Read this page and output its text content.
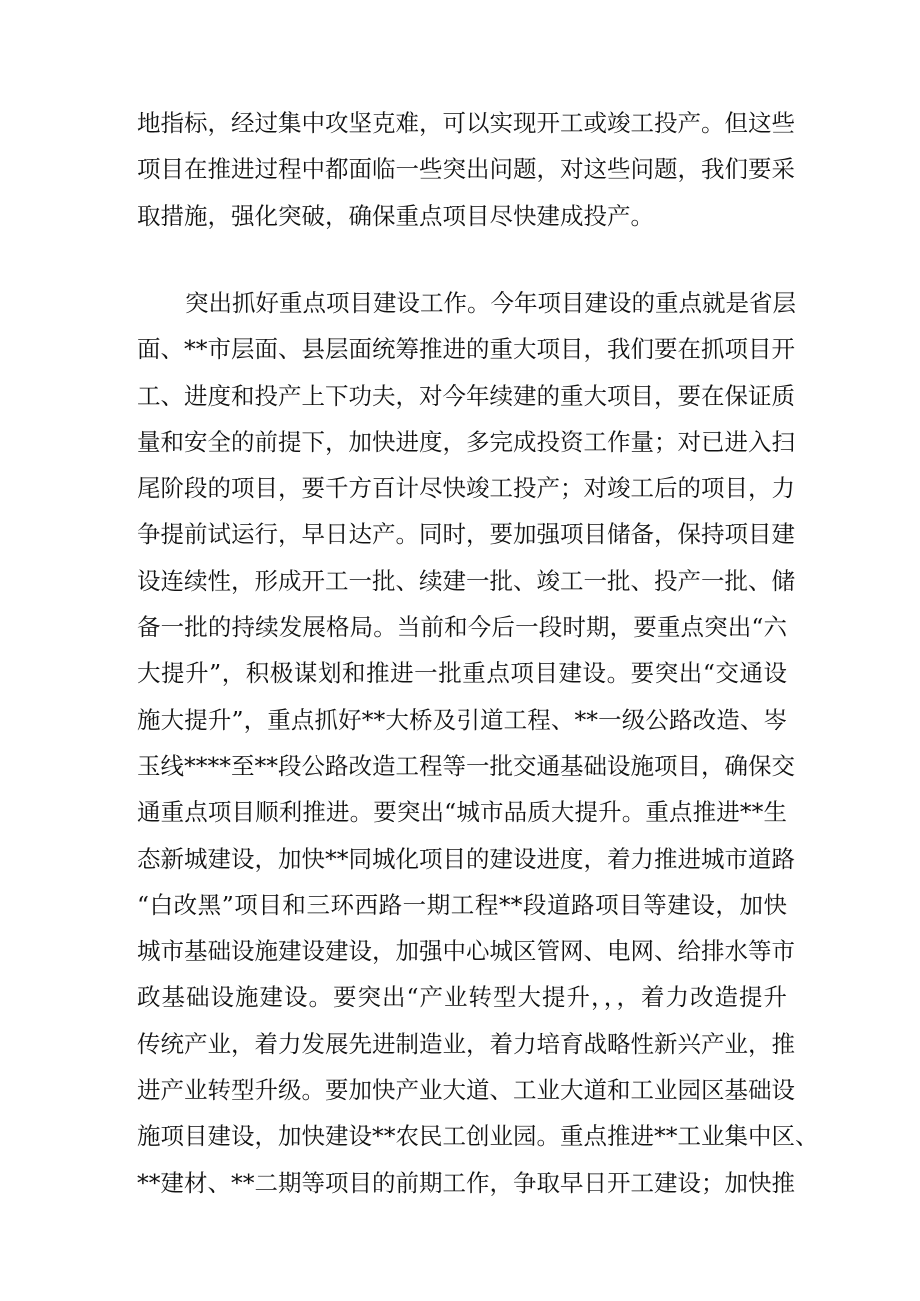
地指标，经过集中攻坚克难，可以实现开工或竣工投产。但这些
项目在推进过程中都面临一些突出问题，对这些问题，我们要采
取措施，强化突破，确保重点项目尽快建成投产。
突出抓好重点项目建设工作。今年项目建设的重点就是省层
面、**市层面、县层面统筹推进的重大项目，我们要在抓项目开
工、进度和投产上下功夫，对今年续建的重大项目，要在保证质
量和安全的前提下，加快进度，多完成投资工作量；对已进入扫
尾阶段的项目，要千方百计尽快竣工投产；对竣工后的项目，力
争提前试运行，早日达产。同时，要加强项目储备，保持项目建
设连续性，形成开工一批、续建一批、竣工一批、投产一批、储
备一批的持续发展格局。当前和今后一段时期，要重点突出“六
大提升”，积极谋划和推进一批重点项目建设。要突出“交通设
施大提升”，重点抓好**大桥及引道工程、**一级公路改造、岑
玉线****至**段公路改造工程等一批交通基础设施项目，确保交
通重点项目顺利推进。要突出“城市品质大提升。重点推进**生
态新城建设，加快**同城化项目的建设进度，着力推进城市道路
“白改黑”项目和三环西路一期工程**段道路项目等建设，加快
城市基础设施建设建设，加强中心城区管网、电网、给排水等市
政基础设施建设。要突出“产业转型大提升，，，着力改造提升
传统产业，着力发展先进制造业，着力培育战略性新兴产业，推
进产业转型升级。要加快产业大道、工业大道和工业园区基础设
施项目建设，加快建设**农民工创业园。重点推进**工业集中区、
**建材、**二期等项目的前期工作，争取早日开工建设；加快推
